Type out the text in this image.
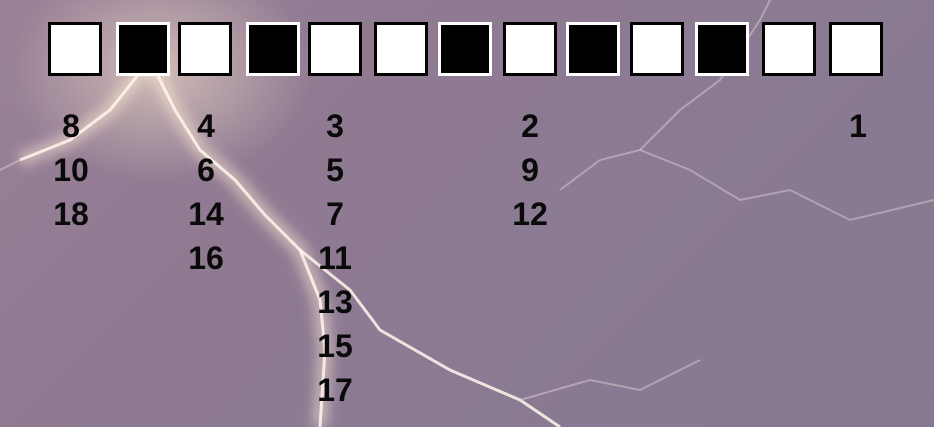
8
10
18
4
6
14
16
3
5
7
11
13
15
17
2
9
12
1
